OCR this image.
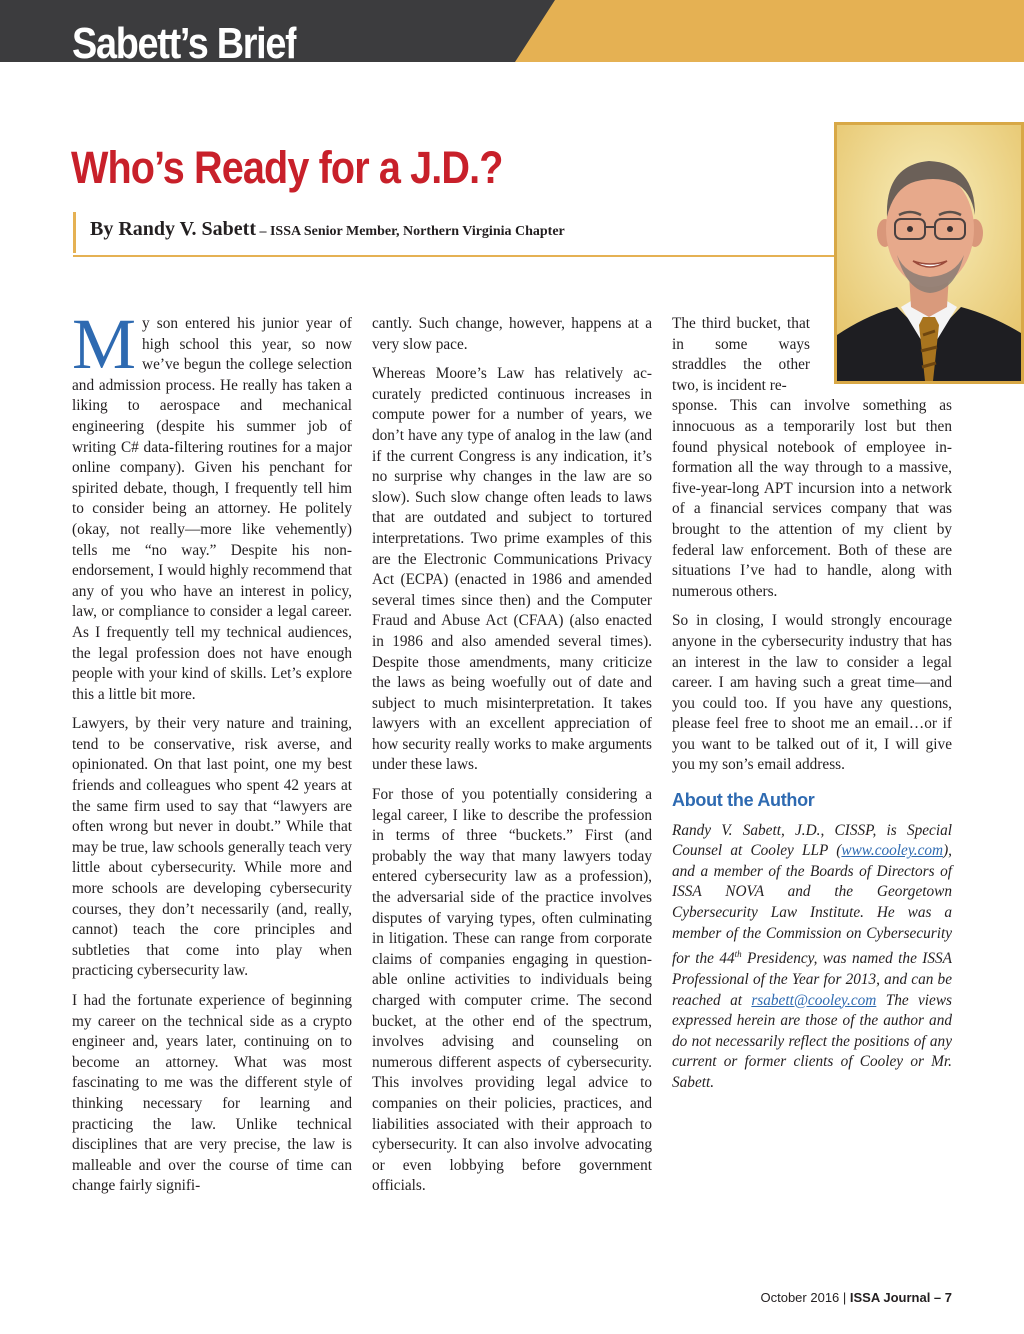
Sabett’s Brief
Who’s Ready for a J.D.?
By Randy V. Sabett – ISSA Senior Member, Northern Virginia Chapter

My son entered his junior year of high school this year, so now we’ve begun the college selection and admission process. He really has taken a liking to aerospace and mechanical engineering (despite his summer job of writing C# data-filtering routines for a major online company). Given his penchant for spirited debate, though, I frequently tell him to consider being an attorney. He politely (okay, not really—more like vehemently) tells me “no way.” Despite his non-endorsement, I would highly recommend that any of you who have an interest in policy, law, or compliance to consider a legal career. As I frequently tell my technical audiences, the legal profession does not have enough people with your kind of skills. Let’s explore this a little bit more.

Lawyers, by their very nature and training, tend to be conservative, risk averse, and opinionated. On that last point, one my best friends and colleagues who spent 42 years at the same firm used to say that “lawyers are often wrong but never in doubt.” While that may be true, law schools generally teach very little about cybersecurity. While more and more schools are developing cybersecurity courses, they don’t necessarily (and, really, cannot) teach the core principles and subtleties that come into play when practicing cybersecurity law.

I had the fortunate experience of beginning my career on the technical side as a crypto engineer and, years later, continuing on to become an attorney. What was most fascinating to me was the different style of thinking necessary for learning and practicing the law. Unlike technical disciplines that are very precise, the law is malleable and over the course of time can change fairly signifi-

cantly. Such change, however, happens at a very slow pace.

Whereas Moore’s Law has relatively accurately predicted continuous increases in compute power for a number of years, we don’t have any type of analog in the law (and if the current Congress is any indication, it’s no surprise why changes in the law are so slow). Such slow change often leads to laws that are outdated and subject to tortured interpretations. Two prime examples of this are the Electronic Communications Privacy Act (ECPA) (enacted in 1986 and amended several times since then) and the Computer Fraud and Abuse Act (CFAA) (also enacted in 1986 and also amended several times). Despite those amendments, many criticize the laws as being woefully out of date and subject to much misinterpretation. It takes lawyers with an excellent appreciation of how security really works to make arguments under these laws.

For those of you potentially considering a legal career, I like to describe the profession in terms of three “buckets.” First (and probably the way that many lawyers today entered cybersecurity law as a profession), the adversarial side of the practice involves disputes of varying types, often culminating in litigation. These can range from corporate claims of companies engaging in questionable online activities to individuals being charged with computer crime. The second bucket, at the other end of the spectrum, involves advising and counseling on numerous different aspects of cybersecurity. This involves providing legal advice to companies on their policies, practices, and liabilities associated with their approach to cybersecurity. It can also involve advocating or even lobbying before government officials.

The third bucket, that in some ways straddles the other two, is incident re-

sponse. This can involve something as innocuous as a temporarily lost but then found physical notebook of employee information all the way through to a massive, five-year-long APT incursion into a network of a financial services company that was brought to the attention of my client by federal law enforcement. Both of these are situations I’ve had to handle, along with numerous others.

So in closing, I would strongly encourage anyone in the cybersecurity industry that has an interest in the law to consider a legal career. I am having such a great time—and you could too. If you have any questions, please feel free to shoot me an email…or if you want to be talked out of it, I will give you my son’s email address.

About the Author

Randy V. Sabett, J.D., CISSP, is Special Counsel at Cooley LLP (www.cooley.com), and a member of the Boards of Directors of ISSA NOVA and the Georgetown Cybersecurity Law Institute. He was a member of the Commission on Cybersecurity for the 44th Presidency, was named the ISSA Professional of the Year for 2013, and can be reached at rsabett@cooley.com The views expressed herein are those of the author and do not necessarily reflect the positions of any current or former clients of Cooley or Mr. Sabett.

October 2016 | ISSA Journal – 7
